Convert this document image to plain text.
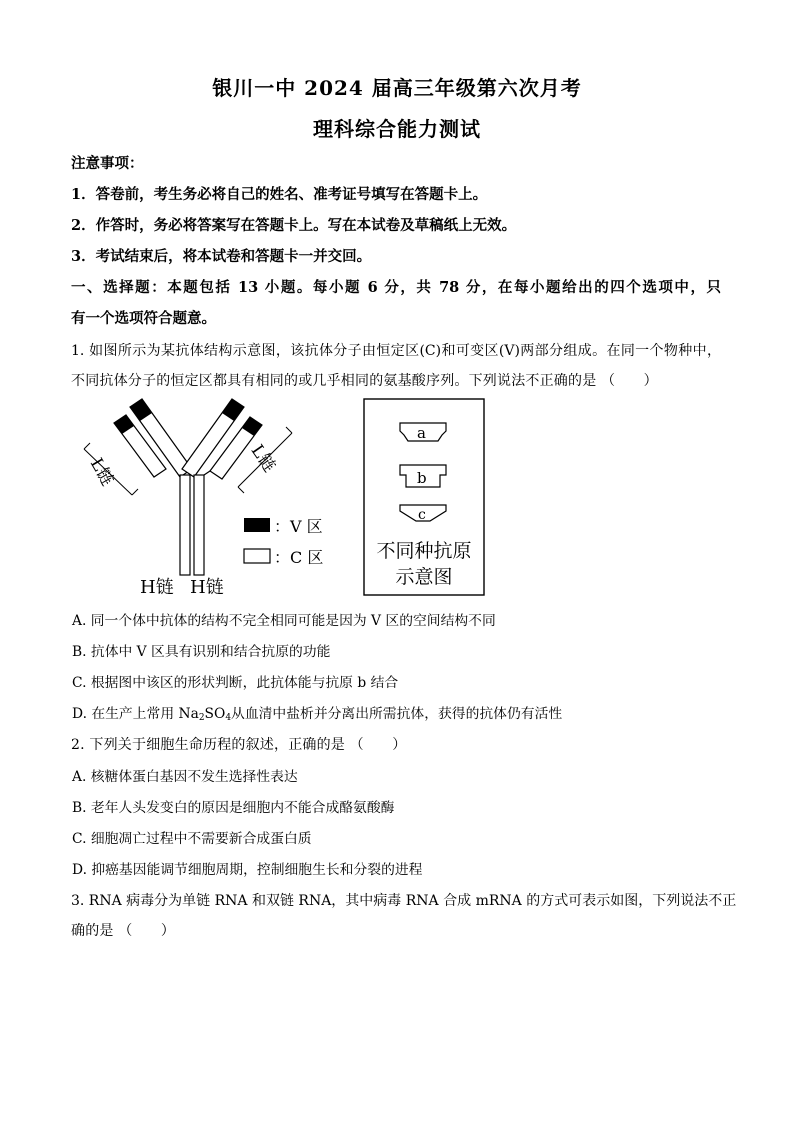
银川一中 2024 届高三年级第六次月考
理科综合能力测试
注意事项：
1．答卷前，考生务必将自己的姓名、准考证号填写在答题卡上。
2．作答时，务必将答案写在答题卡上。写在本试卷及草稿纸上无效。
3．考试结束后，将本试卷和答题卡一并交回。
一、选择题：本题包括 13 小题。每小题 6 分，共 78 分，在每小题给出的四个选项中，只
有一个选项符合题意。
1. 如图所示为某抗体结构示意图，该抗体分子由恒定区(C)和可变区(V)两部分组成。在同一个物种中，
不同抗体分子的恒定区都具有相同的或几乎相同的氨基酸序列。下列说法不正确的是 （　　）
L链	L链
H链 H链
：V 区
：C 区
a
b
c
不同种抗原
示意图
A. 同一个体中抗体的结构不完全相同可能是因为 V 区的空间结构不同
B. 抗体中 V 区具有识别和结合抗原的功能
C. 根据图中该区的形状判断，此抗体能与抗原 b 结合
D. 在生产上常用 $Na_2SO_4$从血清中盐析并分离出所需抗体，获得的抗体仍有活性
2. 下列关于细胞生命历程的叙述，正确的是 （　　）
A. 核糖体蛋白基因不发生选择性表达
B. 老年人头发变白的原因是细胞内不能合成酪氨酸酶
C. 细胞凋亡过程中不需要新合成蛋白质
D. 抑癌基因能调节细胞周期，控制细胞生长和分裂的进程
3. RNA 病毒分为单链 RNA 和双链 RNA，其中病毒 RNA 合成 mRNA 的方式可表示如图，下列说法不正
确的是 （　　）
